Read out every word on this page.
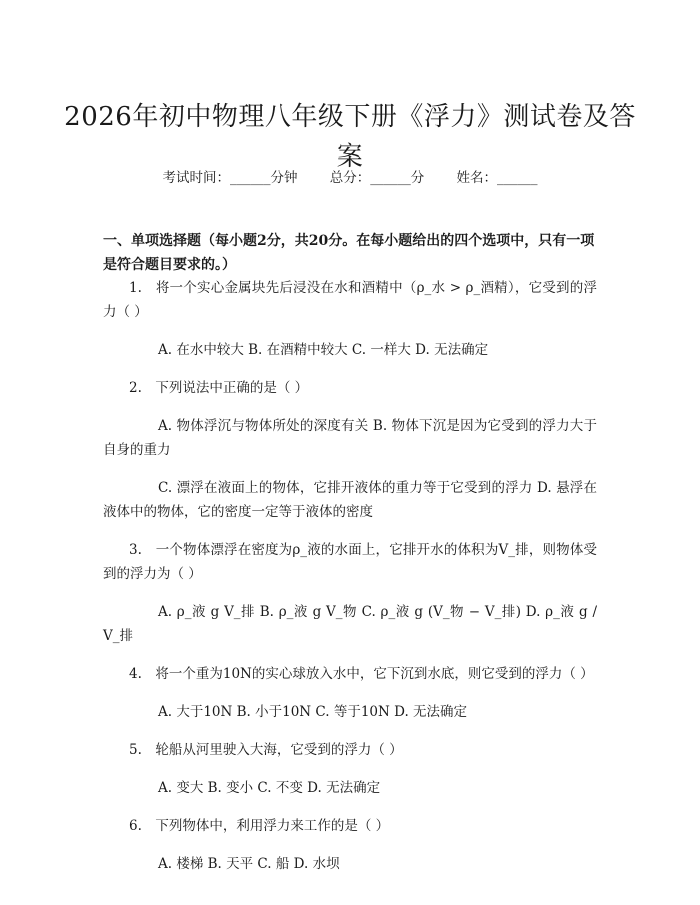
2026年初中物理八年级下册《浮力》测试卷及答案
考试时间：______分钟 总分：______分 姓名：______
一、单项选择题（每小题2分，共20分。在每小题给出的四个选项中，只有一项是符合题目要求的。）

1.　将一个实心金属块先后浸没在水和酒精中（ρ_水 > ρ_酒精），它受到的浮力（ ）

A. 在水中较大 B. 在酒精中较大 C. 一样大 D. 无法确定

2.　下列说法中正确的是（ ）

A. 物体浮沉与物体所处的深度有关 B. 物体下沉是因为它受到的浮力大于自身的重力

C. 漂浮在液面上的物体，它排开液体的重力等于它受到的浮力 D. 悬浮在液体中的物体，它的密度一定等于液体的密度

3.　一个物体漂浮在密度为ρ_液的水面上，它排开水的体积为V_排，则物体受到的浮力为（ ）

A. ρ_液 g V_排 B. ρ_液 g V_物 C. ρ_液 g (V_物 − V_排) D. ρ_液 g / V_排

4.　将一个重为10N的实心球放入水中，它下沉到水底，则它受到的浮力（ ）

A. 大于10N B. 小于10N C. 等于10N D. 无法确定

5.　轮船从河里驶入大海，它受到的浮力（ ）

A. 变大 B. 变小 C. 不变 D. 无法确定

6.　下列物体中，利用浮力来工作的是（ ）

A. 楼梯 B. 天平 C. 船 D. 水坝
